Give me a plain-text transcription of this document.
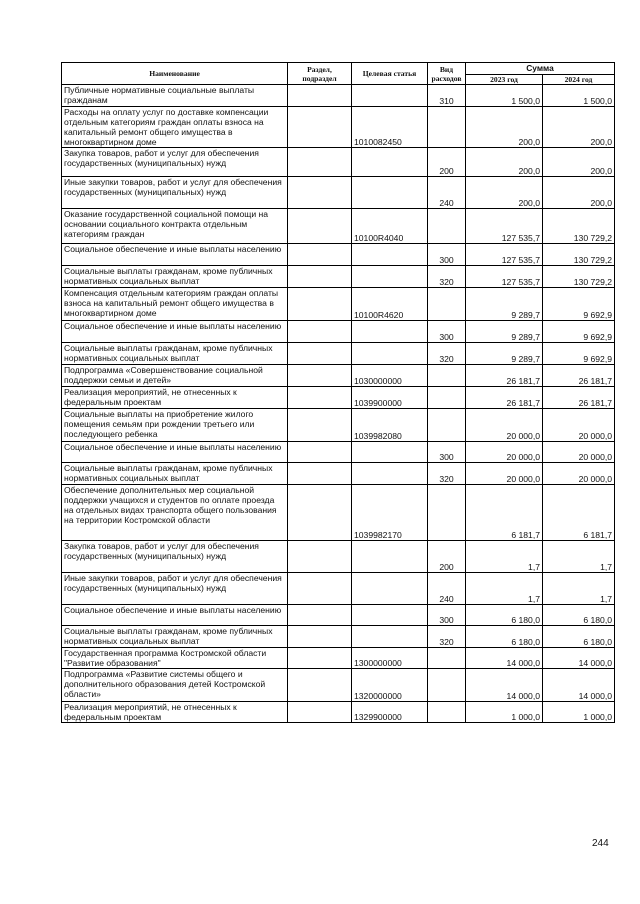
Наименование	Раздел, подраздел	Целевая статья	Вид расходов	Сумма	
				2023 год	2024 год
Публичные нормативные социальные выплаты гражданам			310	1 500,0	1 500,0
Расходы на оплату услуг по доставке компенсации отдельным категориям граждан оплаты взноса на капитальный ремонт общего имущества в многоквартирном доме		1010082450		200,0	200,0
Закупка товаров, работ и услуг для обеспечения государственных (муниципальных) нужд			200	200,0	200,0
Иные закупки товаров, работ и услуг для обеспечения государственных (муниципальных) нужд			240	200,0	200,0
Оказание государственной социальной помощи на основании социального контракта отдельным категориям граждан		10100R4040		127 535,7	130 729,2
Социальное обеспечение и иные выплаты населению			300	127 535,7	130 729,2
Социальные выплаты гражданам, кроме публичных нормативных социальных выплат			320	127 535,7	130 729,2
Компенсация отдельным категориям граждан оплаты взноса на капитальный ремонт общего имущества в многоквартирном доме		10100R4620		9 289,7	9 692,9
Социальное обеспечение и иные выплаты населению			300	9 289,7	9 692,9
Социальные выплаты гражданам, кроме публичных нормативных социальных выплат			320	9 289,7	9 692,9
Подпрограмма «Совершенствование социальной поддержки семьи и детей»		1030000000		26 181,7	26 181,7
Реализация мероприятий, не отнесенных к федеральным проектам		1039900000		26 181,7	26 181,7
Социальные выплаты на приобретение жилого помещения семьям при рождении третьего или последующего ребенка		1039982080		20 000,0	20 000,0
Социальное обеспечение и иные выплаты населению			300	20 000,0	20 000,0
Социальные выплаты гражданам, кроме публичных нормативных социальных выплат			320	20 000,0	20 000,0
Обеспечение дополнительных мер социальной поддержки учащихся и студентов по оплате проезда на отдельных видах транспорта общего пользования на территории Костромской области		1039982170		6 181,7	6 181,7
Закупка товаров, работ и услуг для обеспечения государственных (муниципальных) нужд			200	1,7	1,7
Иные закупки товаров, работ и услуг для обеспечения государственных (муниципальных) нужд			240	1,7	1,7
Социальное обеспечение и иные выплаты населению			300	6 180,0	6 180,0
Социальные выплаты гражданам, кроме публичных нормативных социальных выплат			320	6 180,0	6 180,0
Государственная программа Костромской области "Развитие образования"		1300000000		14 000,0	14 000,0
Подпрограмма «Развитие системы общего и дополнительного образования детей Костромской области»		1320000000		14 000,0	14 000,0
Реализация мероприятий, не отнесенных к федеральным проектам		1329900000		1 000,0	1 000,0
244
